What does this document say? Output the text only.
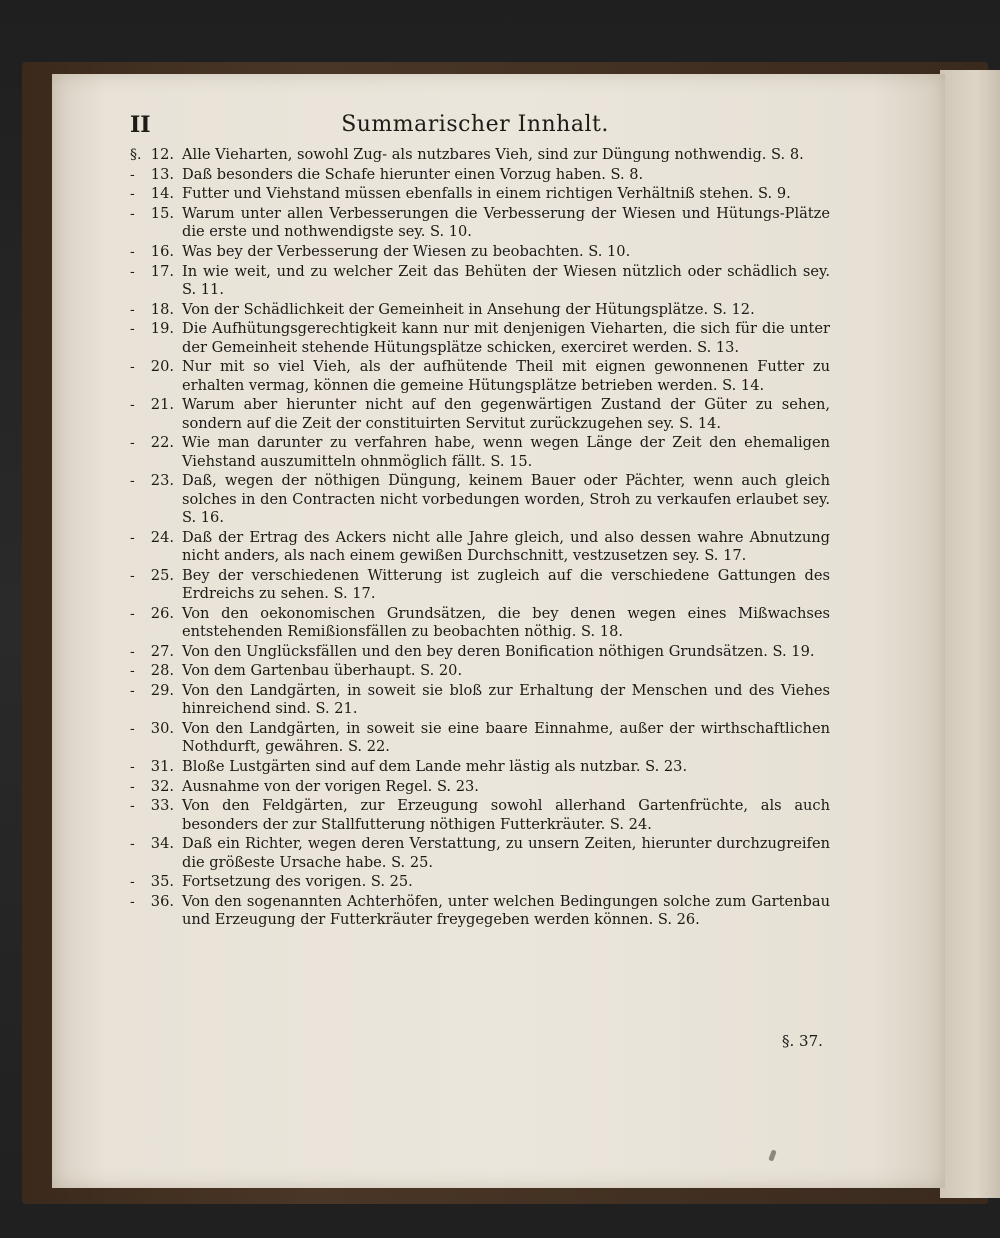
II	Summarischer Innhalt.
§. 12. Alle Vieharten, sowohl Zug- als nutzbares Vieh, sind zur Düngung nothwendig. S. 8.
-	13. Daß besonders die Schafe hierunter einen Vorzug haben. S. 8.
-	14. Futter und Viehstand müssen ebenfalls in einem richtigen Verhältniß stehen. S. 9.
-	15. Warum unter allen Verbesserungen die Verbesserung der Wiesen und Hütungs-Plätze die erste und nothwendigste sey. S. 10.
-	16. Was bey der Verbesserung der Wiesen zu beobachten. S. 10.
-	17. In wie weit, und zu welcher Zeit das Behüten der Wiesen nützlich oder schädlich sey. S. 11.
-	18. Von der Schädlichkeit der Gemeinheit in Ansehung der Hütungsplätze. S. 12.
-	19. Die Aufhütungsgerechtigkeit kann nur mit denjenigen Vieharten, die sich für die unter der Gemeinheit stehende Hütungsplätze schicken, exerciret werden. S. 13.
-	20. Nur mit so viel Vieh, als der aufhütende Theil mit eignen gewonnenen Futter zu erhalten vermag, können die gemeine Hütungsplätze betrieben werden. S. 14.
-	21. Warum aber hierunter nicht auf den gegenwärtigen Zustand der Güter zu sehen, sondern auf die Zeit der constituirten Servitut zurückzugehen sey. S. 14.
-	22. Wie man darunter zu verfahren habe, wenn wegen Länge der Zeit den ehemaligen Viehstand auszumitteln ohnmöglich fällt. S. 15.
-	23. Daß, wegen der nöthigen Düngung, keinem Bauer oder Pächter, wenn auch gleich solches in den Contracten nicht vorbedungen worden, Stroh zu verkaufen erlaubet sey. S. 16.
-	24. Daß der Ertrag des Ackers nicht alle Jahre gleich, und also dessen wahre Abnutzung nicht anders, als nach einem gewißen Durchschnitt, vestzusetzen sey. S. 17.
-	25. Bey der verschiedenen Witterung ist zugleich auf die verschiedene Gattungen des Erdreichs zu sehen. S. 17.
-	26. Von den oekonomischen Grundsätzen, die bey denen wegen eines Mißwachses entstehenden Remißionsfällen zu beobachten nöthig. S. 18.
-	27. Von den Unglücksfällen und den bey deren Bonification nöthigen Grundsätzen. S. 19.
-	28. Von dem Gartenbau überhaupt. S. 20.
-	29. Von den Landgärten, in soweit sie bloß zur Erhaltung der Menschen und des Viehes hinreichend sind. S. 21.
-	30. Von den Landgärten, in soweit sie eine baare Einnahme, außer der wirthschaftlichen Nothdurft, gewähren. S. 22.
-	31. Bloße Lustgärten sind auf dem Lande mehr lästig als nutzbar. S. 23.
-	32. Ausnahme von der vorigen Regel. S. 23.
-	33. Von den Feldgärten, zur Erzeugung sowohl allerhand Gartenfrüchte, als auch besonders der zur Stallfutterung nöthigen Futterkräuter. S. 24.
-	34. Daß ein Richter, wegen deren Verstattung, zu unsern Zeiten, hierunter durchzugreifen die größeste Ursache habe. S. 25.
-	35. Fortsetzung des vorigen. S. 25.
-	36. Von den sogenannten Achterhöfen, unter welchen Bedingungen solche zum Gartenbau und Erzeugung der Futterkräuter freygegeben werden können. S. 26.
§. 37.
